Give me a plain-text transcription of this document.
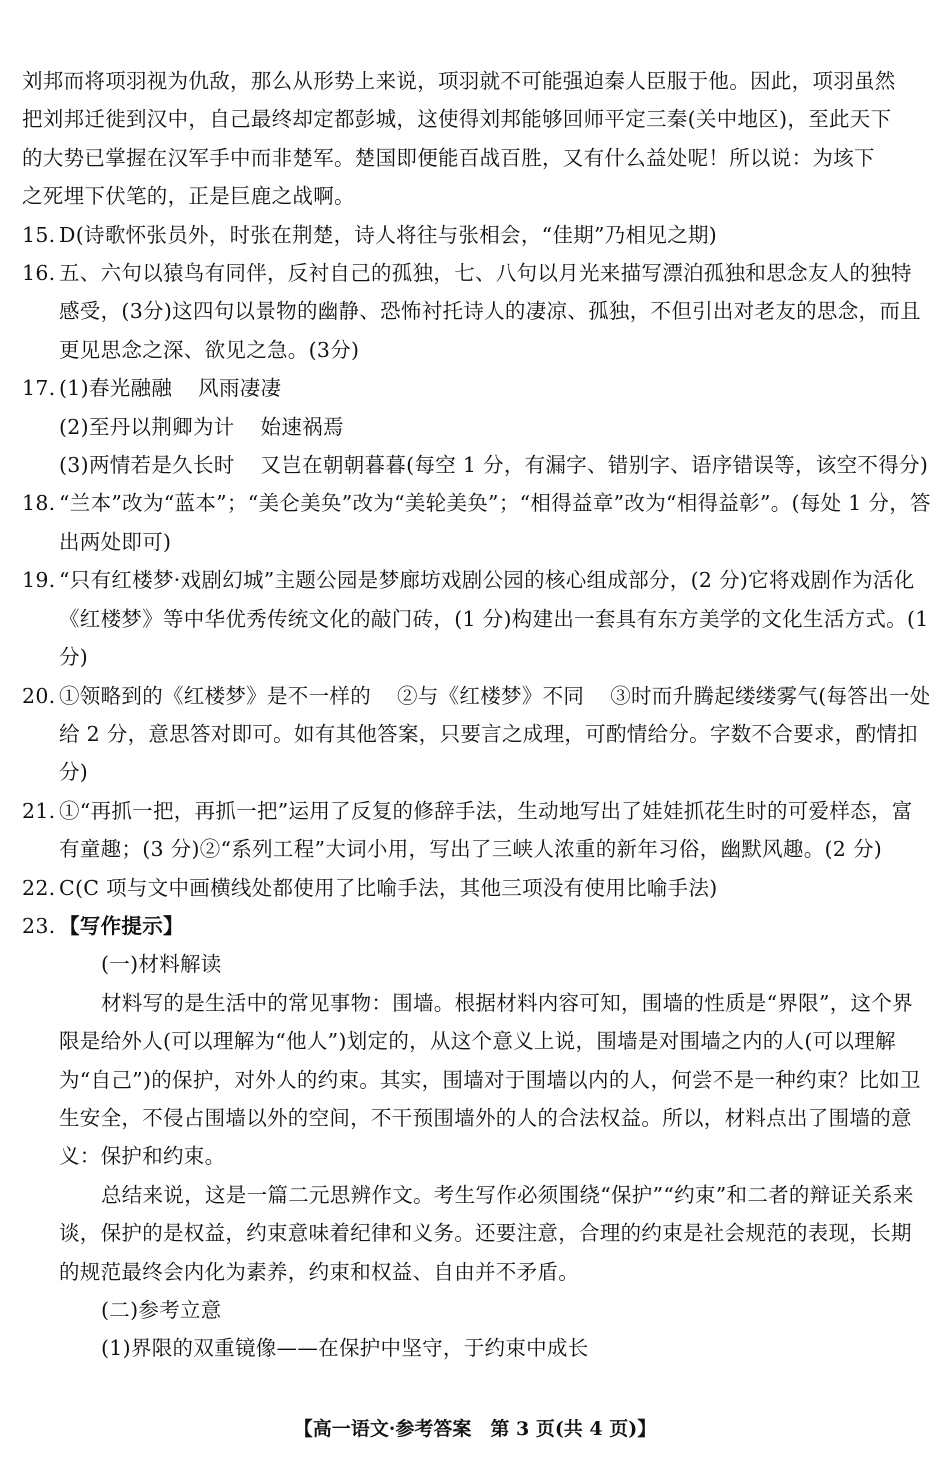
刘邦而将项羽视为仇敌，那么从形势上来说，项羽就不可能强迫秦人臣服于他。因此，项羽虽然
把刘邦迁徙到汉中，自己最终却定都彭城，这使得刘邦能够回师平定三秦(关中地区)，至此天下
的大势已掌握在汉军手中而非楚军。楚国即便能百战百胜，又有什么益处呢！所以说：为垓下
之死埋下伏笔的，正是巨鹿之战啊。

15. D(诗歌怀张员外，时张在荆楚，诗人将往与张相会，“佳期”乃相见之期)

16. 五、六句以猿鸟有同伴，反衬自己的孤独，七、八句以月光来描写漂泊孤独和思念友人的独特感受，(3分)这四句以景物的幽静、恐怖衬托诗人的凄凉、孤独，不但引出对老友的思念，而且更见思念之深、欲见之急。(3分)

17. (1)春光融融 风雨凄凄

(2)至丹以荆卿为计 始速祸焉

(3)两情若是久长时 又岂在朝朝暮暮(每空 1 分，有漏字、错别字、语序错误等，该空不得分)

18. “兰本”改为“蓝本”；“美仑美奂”改为“美轮美奂”；“相得益章”改为“相得益彰”。(每处 1 分，答出两处即可)

19. “只有红楼梦·戏剧幻城”主题公园是梦廊坊戏剧公园的核心组成部分，(2 分)它将戏剧作为活化《红楼梦》等中华优秀传统文化的敲门砖，(1 分)构建出一套具有东方美学的文化生活方式。(1 分)

20. ①领略到的《红楼梦》是不一样的 ②与《红楼梦》不同 ③时而升腾起缕缕雾气(每答出一处给 2 分，意思答对即可。如有其他答案，只要言之成理，可酌情给分。字数不合要求，酌情扣分)

21. ①“再抓一把，再抓一把”运用了反复的修辞手法，生动地写出了娃娃抓花生时的可爱样态，富有童趣；(3 分)②“系列工程”大词小用，写出了三峡人浓重的新年习俗，幽默风趣。(2 分)

22. C(C 项与文中画横线处都使用了比喻手法，其他三项没有使用比喻手法)

23. 【写作提示】

(一)材料解读

材料写的是生活中的常见事物：围墙。根据材料内容可知，围墙的性质是“界限”，这个界限是给外人(可以理解为“他人”)划定的，从这个意义上说，围墙是对围墙之内的人(可以理解为“自己”)的保护，对外人的约束。其实，围墙对于围墙以内的人，何尝不是一种约束？比如卫生安全，不侵占围墙以外的空间，不干预围墙外的人的合法权益。所以，材料点出了围墙的意义：保护和约束。

总结来说，这是一篇二元思辨作文。考生写作必须围绕“保护”“约束”和二者的辩证关系来谈，保护的是权益，约束意味着纪律和义务。还要注意，合理的约束是社会规范的表现，长期的规范最终会内化为素养，约束和权益、自由并不矛盾。

(二)参考立意

(1)界限的双重镜像——在保护中坚守，于约束中成长

【高一语文·参考答案　第 3 页(共 4 页)】
